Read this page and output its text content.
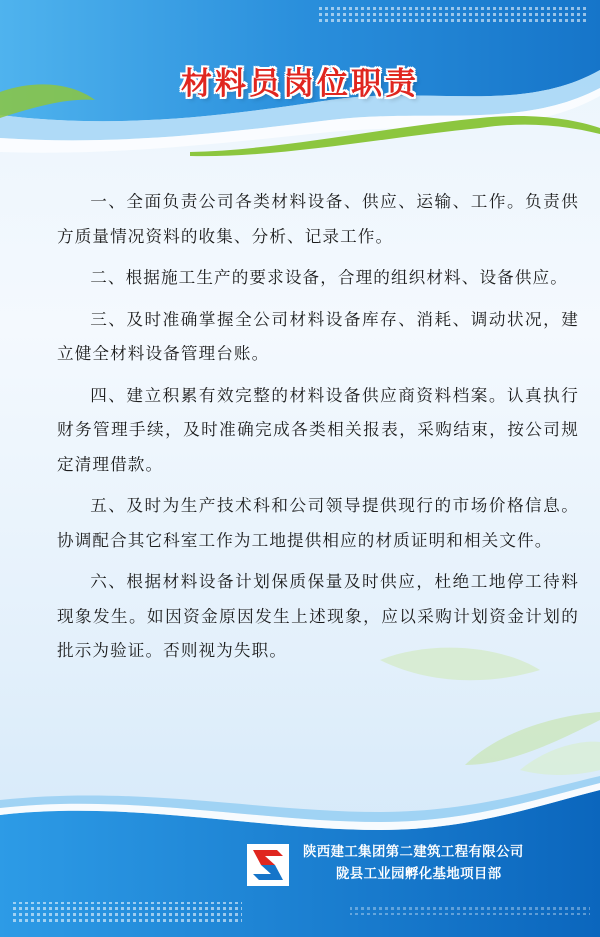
材料员岗位职责

一、全面负责公司各类材料设备、供应、运输、工作。负责供方质量情况资料的收集、分析、记录工作。

二、根据施工生产的要求设备，合理的组织材料、设备供应。

三、及时准确掌握全公司材料设备库存、消耗、调动状况，建立健全材料设备管理台账。

四、建立积累有效完整的材料设备供应商资料档案。认真执行财务管理手续，及时准确完成各类相关报表，采购结束，按公司规定清理借款。

五、及时为生产技术科和公司领导提供现行的市场价格信息。协调配合其它科室工作为工地提供相应的材质证明和相关文件。

六、根据材料设备计划保质保量及时供应，杜绝工地停工待料现象发生。如因资金原因发生上述现象，应以采购计划资金计划的批示为验证。否则视为失职。

陕西建工集团第二建筑工程有限公司
陇县工业园孵化基地项目部
